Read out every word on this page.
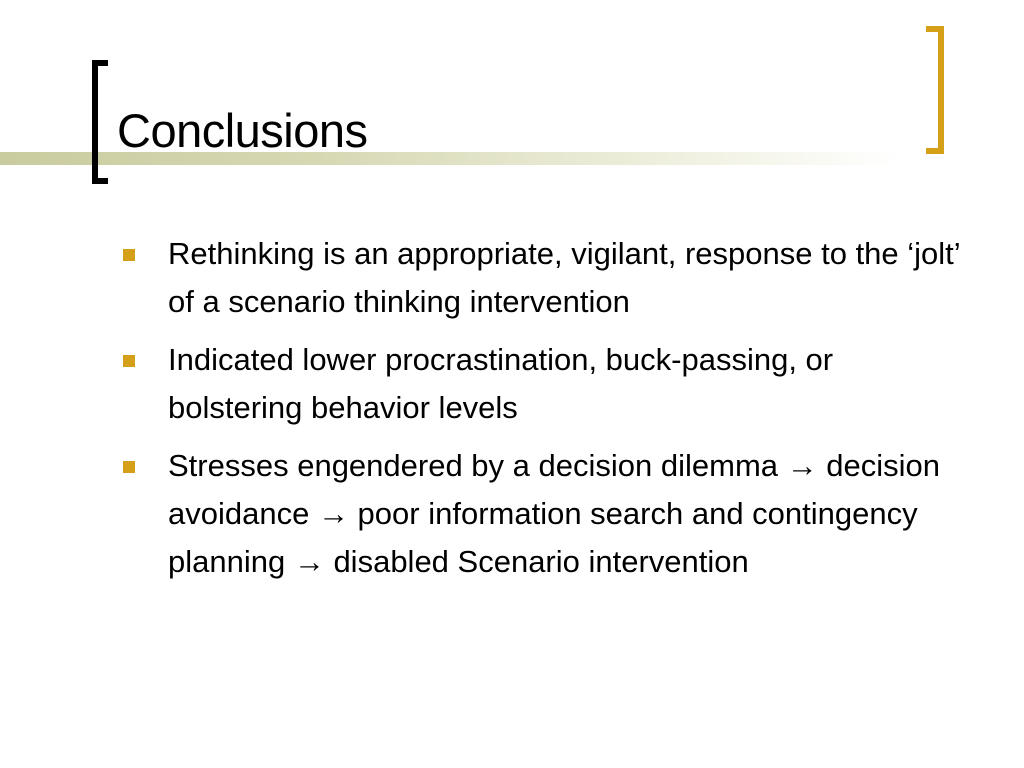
Conclusions
Rethinking is an appropriate, vigilant, response to the ‘jolt’ of a scenario thinking intervention
Indicated lower procrastination, buck-passing, or bolstering behavior levels
Stresses engendered by a decision dilemma → decision avoidance → poor information search and contingency planning → disabled Scenario intervention
